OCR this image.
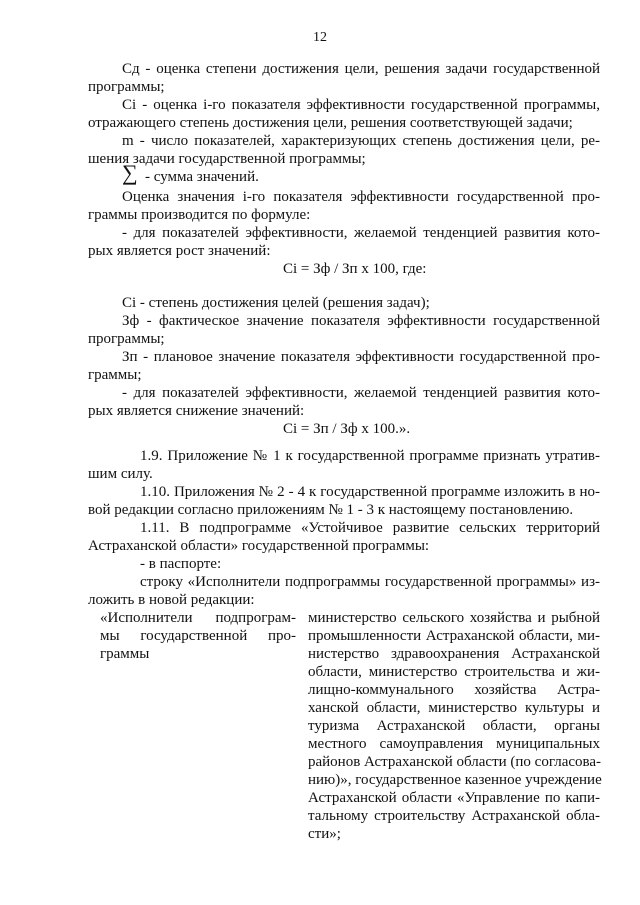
12
Cд - оценка степени достижения цели, решения задачи государственной
программы;
Ci - оценка i-го показателя эффективности государственной программы,
отражающего степень достижения цели, решения соответствующей задачи;
m - число показателей, характеризующих степень достижения цели, ре-
шения задачи государственной программы;
∑ - сумма значений.
Оценка значения i-го показателя эффективности государственной про-
граммы производится по формуле:
- для показателей эффективности, желаемой тенденцией развития кото-
рых является рост значений:
Ci = Зф / Зп х 100, где:
Ci - степень достижения целей (решения задач);
Зф - фактическое значение показателя эффективности государственной
программы;
Зп - плановое значение показателя эффективности государственной про-
граммы;
- для показателей эффективности, желаемой тенденцией развития кото-
рых является снижение значений:
Ci = Зп / Зф х 100.».
1.9. Приложение № 1 к государственной программе признать утратив-
шим силу.
1.10. Приложения № 2 - 4 к государственной программе изложить в но-
вой редакции согласно приложениям № 1 - 3 к настоящему постановлению.
1.11. В подпрограмме «Устойчивое развитие сельских территорий
Астраханской области» государственной программы:
- в паспорте:
строку «Исполнители подпрограммы государственной программы» из-
ложить в новой редакции:
«Исполнители подпрограм-
мы государственной про-
граммы
министерство сельского хозяйства и рыбной
промышленности Астраханской области, ми-
нистерство здравоохранения Астраханской
области, министерство строительства и жи-
лищно-коммунального хозяйства Астра-
ханской области, министерство культуры и
туризма Астраханской области, органы
местного самоуправления муниципальных
районов Астраханской области (по согласова-
нию)», государственное казенное учреждение
Астраханской области «Управление по капи-
тальному строительству Астраханской обла-
сти»;
